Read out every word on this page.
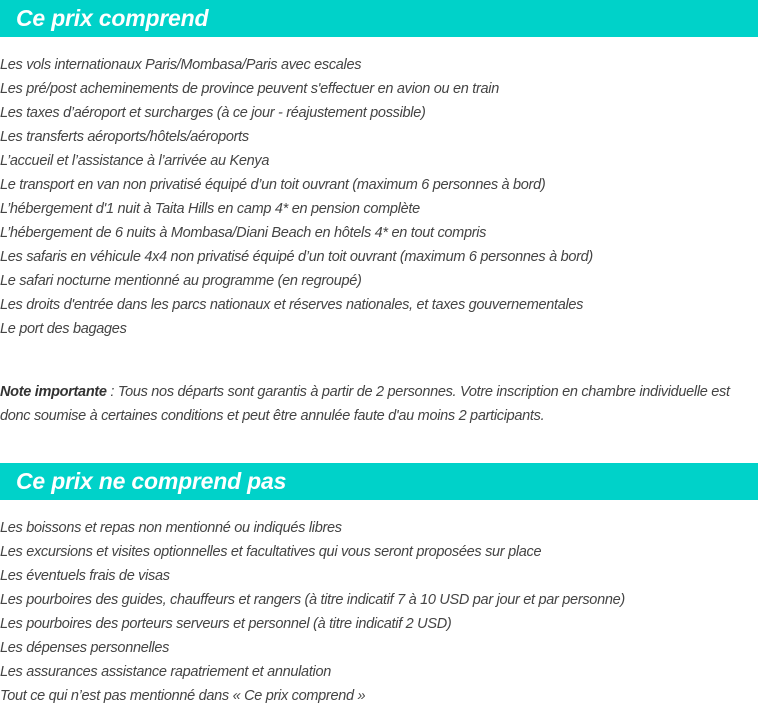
Ce prix comprend
Les vols internationaux Paris/Mombasa/Paris avec escales
Les pré/post acheminements de province peuvent s'effectuer en avion ou en train
Les taxes d’aéroport et surcharges (à ce jour - réajustement possible)
Les transferts aéroports/hôtels/aéroports
L’accueil et l’assistance à l’arrivée au Kenya
Le transport en van non privatisé équipé d’un toit ouvrant (maximum 6 personnes à bord)
L’hébergement d'1 nuit à Taita Hills en camp 4* en pension complète
L’hébergement de 6 nuits à Mombasa/Diani Beach en hôtels 4* en tout compris
Les safaris en véhicule 4x4 non privatisé équipé d’un toit ouvrant (maximum 6 personnes à bord)
Le safari nocturne mentionné au programme (en regroupé)
Les droits d'entrée dans les parcs nationaux et réserves nationales, et taxes gouvernementales
Le port des bagages

Note importante : Tous nos départs sont garantis à partir de 2 personnes. Votre inscription en chambre individuelle est donc soumise à certaines conditions et peut être annulée faute d'au moins 2 participants.

Ce prix ne comprend pas
Les boissons et repas non mentionné ou indiqués libres
Les excursions et visites optionnelles et facultatives qui vous seront proposées sur place
Les éventuels frais de visas
Les pourboires des guides, chauffeurs et rangers (à titre indicatif 7 à 10 USD par jour et par personne)
Les pourboires des porteurs serveurs et personnel (à titre indicatif 2 USD)
Les dépenses personnelles
Les assurances assistance rapatriement et annulation
Tout ce qui n’est pas mentionné dans « Ce prix comprend »
